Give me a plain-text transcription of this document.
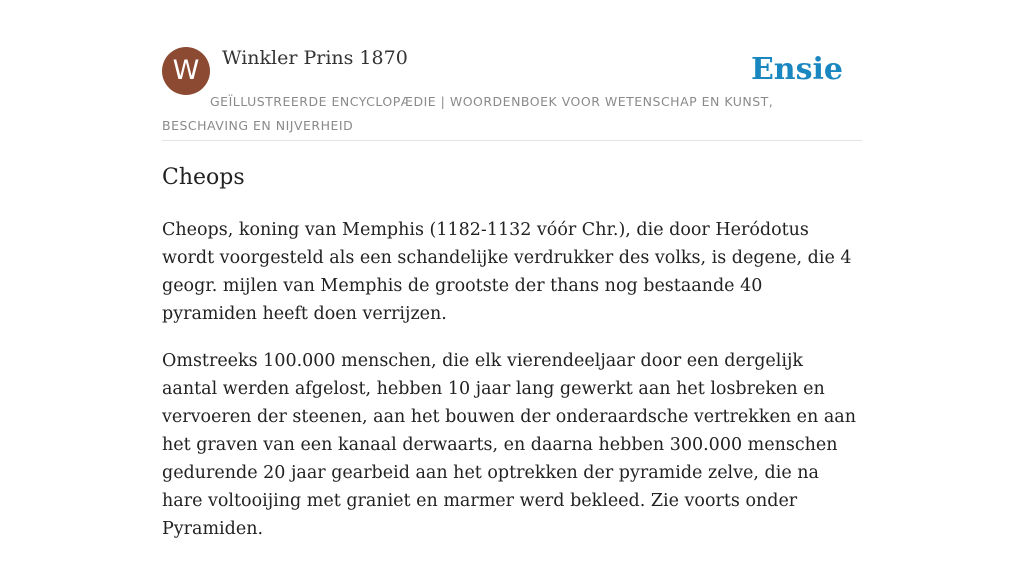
W	Winkler Prins 1870
GEÏLLUSTREERDE ENCYCLOPÆDIE | WOORDENBOEK VOOR WETENSCHAP EN KUNST, BESCHAVING EN NIJVERHEID
Ensie
Cheops

Cheops, koning van Memphis (1182-1132 vóór Chr.), die door Heródotus wordt voorgesteld als een schandelijke verdrukker des volks, is degene, die 4 geogr. mijlen van Memphis de grootste der thans nog bestaande 40 pyramiden heeft doen verrijzen.

Omstreeks 100.000 menschen, die elk vierendeeljaar door een dergelijk aantal werden afgelost, hebben 10 jaar lang gewerkt aan het losbreken en vervoeren der steenen, aan het bouwen der onderaardsche vertrekken en aan het graven van een kanaal derwaarts, en daarna hebben 300.000 menschen gedurende 20 jaar gearbeid aan het optrekken der pyramide zelve, die na hare voltooijing met graniet en marmer werd bekleed. Zie voorts onder Pyramiden.
